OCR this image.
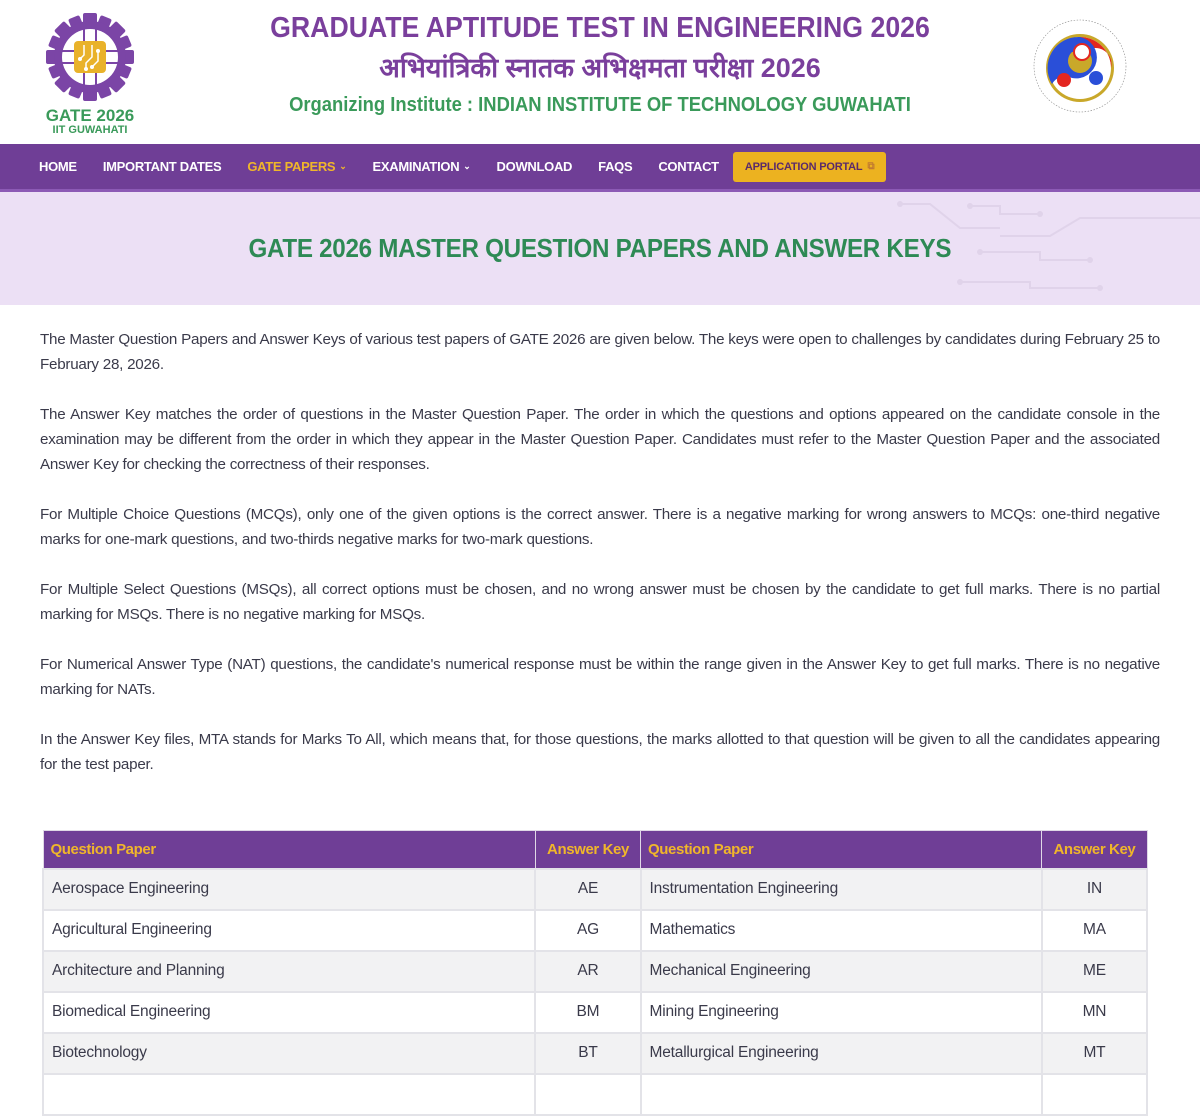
GATE 2026
IIT GUWAHATI
GRADUATE APTITUDE TEST IN ENGINEERING 2026
अभियांत्रिकी स्नातक अभिक्षमता परीक्षा 2026
Organizing Institute : INDIAN INSTITUTE OF TECHNOLOGY GUWAHATI
HOME IMPORTANT DATES GATE PAPERS ⌄ EXAMINATION ⌄ DOWNLOAD FAQS CONTACT APPLICATION PORTAL ⧉
GATE 2026 MASTER QUESTION PAPERS AND ANSWER KEYS

The Master Question Papers and Answer Keys of various test papers of GATE 2026 are given below. The keys were open to challenges by candidates during February 25 to February 28, 2026.

The Answer Key matches the order of questions in the Master Question Paper. The order in which the questions and options appeared on the candidate console in the examination may be different from the order in which they appear in the Master Question Paper. Candidates must refer to the Master Question Paper and the associated Answer Key for checking the correctness of their responses.

For Multiple Choice Questions (MCQs), only one of the given options is the correct answer. There is a negative marking for wrong answers to MCQs: one-third negative marks for one-mark questions, and two-thirds negative marks for two-mark questions.

For Multiple Select Questions (MSQs), all correct options must be chosen, and no wrong answer must be chosen by the candidate to get full marks. There is no partial marking for MSQs. There is no negative marking for MSQs.

For Numerical Answer Type (NAT) questions, the candidate's numerical response must be within the range given in the Answer Key to get full marks. There is no negative marking for NATs.

In the Answer Key files, MTA stands for Marks To All, which means that, for those questions, the marks allotted to that question will be given to all the candidates appearing for the test paper.

Question Paper	Answer Key	Question Paper	Answer Key
Aerospace Engineering	AE	Instrumentation Engineering	IN
Agricultural Engineering	AG	Mathematics	MA
Architecture and Planning	AR	Mechanical Engineering	ME
Biomedical Engineering	BM	Mining Engineering	MN
Biotechnology	BT	Metallurgical Engineering	MT
